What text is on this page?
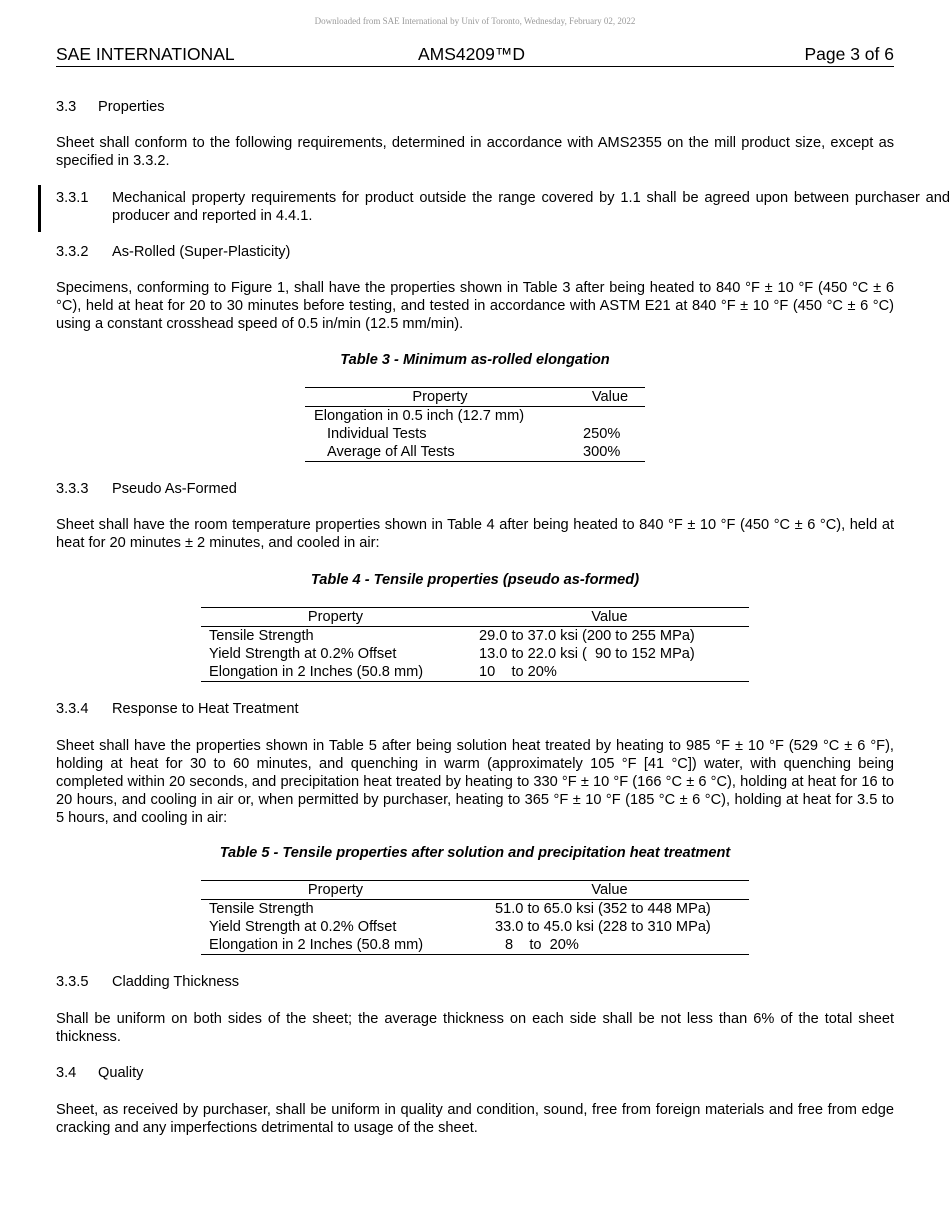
Downloaded from SAE International by Univ of Toronto, Wednesday, February 02, 2022
SAE INTERNATIONAL	AMS4209™D	Page 3 of 6
3.3 Properties
Sheet shall conform to the following requirements, determined in accordance with AMS2355 on the mill product size, except as specified in 3.3.2.
3.3.1 Mechanical property requirements for product outside the range covered by 1.1 shall be agreed upon between purchaser and producer and reported in 4.4.1.
3.3.2 As-Rolled (Super-Plasticity)
Specimens, conforming to Figure 1, shall have the properties shown in Table 3 after being heated to 840 °F ± 10 °F (450 °C ± 6 °C), held at heat for 20 to 30 minutes before testing, and tested in accordance with ASTM E21 at 840 °F ± 10 °F (450 °C ± 6 °C) using a constant crosshead speed of 0.5 in/min (12.5 mm/min).
Table 3 - Minimum as-rolled elongation
Property	Value
Elongation in 0.5 inch (12.7 mm)	
Individual Tests	250%
Average of All Tests	300%
3.3.3 Pseudo As-Formed
Sheet shall have the room temperature properties shown in Table 4 after being heated to 840 °F ± 10 °F (450 °C ± 6 °C), held at heat for 20 minutes ± 2 minutes, and cooled in air:
Table 4 - Tensile properties (pseudo as-formed)
Property	Value
Tensile Strength	29.0 to 37.0 ksi (200 to 255 MPa)
Yield Strength at 0.2% Offset	13.0 to 22.0 ksi (  90 to 152 MPa)
Elongation in 2 Inches (50.8 mm)	10    to 20%
3.3.4 Response to Heat Treatment
Sheet shall have the properties shown in Table 5 after being solution heat treated by heating to 985 °F ± 10 °F (529 °C ± 6 °F), holding at heat for 30 to 60 minutes, and quenching in warm (approximately 105 °F [41 °C]) water, with quenching being completed within 20 seconds, and precipitation heat treated by heating to 330 °F ± 10 °F (166 °C ± 6 °C), holding at heat for 16 to 20 hours, and cooling in air or, when permitted by purchaser, heating to 365 °F ± 10 °F (185 °C ± 6 °C), holding at heat for 3.5 to 5 hours, and cooling in air:
Table 5 - Tensile properties after solution and precipitation heat treatment
Property	Value
Tensile Strength	51.0 to 65.0 ksi (352 to 448 MPa)
Yield Strength at 0.2% Offset	33.0 to 45.0 ksi (228 to 310 MPa)
Elongation in 2 Inches (50.8 mm)	8    to  20%
3.3.5 Cladding Thickness
Shall be uniform on both sides of the sheet; the average thickness on each side shall be not less than 6% of the total sheet thickness.
3.4 Quality
Sheet, as received by purchaser, shall be uniform in quality and condition, sound, free from foreign materials and free from edge cracking and any imperfections detrimental to usage of the sheet.
